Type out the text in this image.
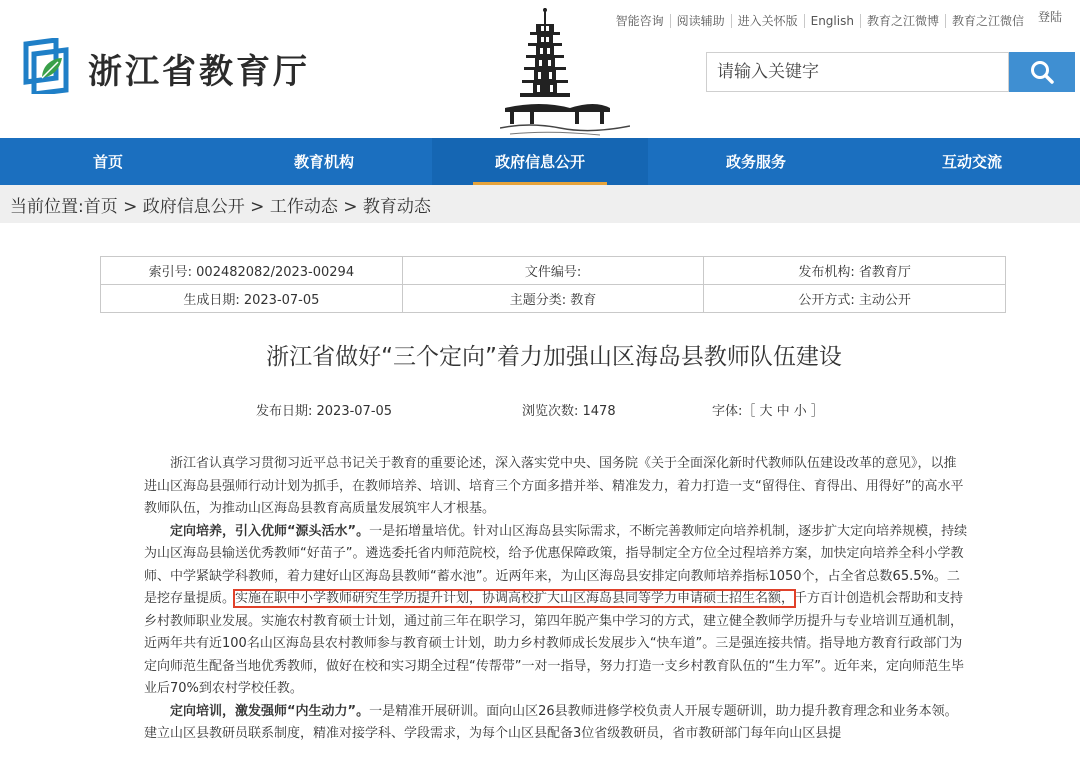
浙江省教育厅
智能咨询	阅读辅助	进入关怀版	English	教育之江微博	教育之江微信	登陆
请输入关键字
首页	教育机构	政府信息公开	政务服务	互动交流
当前位置:首页 > 政府信息公开 > 工作动态 > 教育动态
索引号: 002482082/2023-00294	文件编号:	发布机构: 省教育厅
生成日期: 2023-07-05	主题分类: 教育	公开方式: 主动公开
浙江省做好“三个定向”着力加强山区海岛县教师队伍建设
发布日期: 2023-07-05	浏览次数: 1478	字体:［ 大 中 小 ］

浙江省认真学习贯彻习近平总书记关于教育的重要论述，深入落实党中央、国务院《关于全面深化新时代教师队伍建设改革的意见》，以推进山区海岛县强师行动计划为抓手，在教师培养、培训、培育三个方面多措并举、精准发力，着力打造一支“留得住、育得出、用得好”的高水平教师队伍，为推动山区海岛县教育高质量发展筑牢人才根基。

定向培养，引入优师“源头活水”。一是拓增量培优。针对山区海岛县实际需求，不断完善教师定向培养机制，逐步扩大定向培养规模，持续为山区海岛县输送优秀教师“好苗子”。遴选委托省内师范院校，给予优惠保障政策，指导制定全方位全过程培养方案，加快定向培养全科小学教师、中学紧缺学科教师，着力建好山区海岛县教师“蓄水池”。近两年来，为山区海岛县安排定向教师培养指标1050个，占全省总数65.5%。二是挖存量提质。实施在职中小学教师研究生学历提升计划，协调高校扩大山区海岛县同等学力申请硕士招生名额，千方百计创造机会帮助和支持乡村教师职业发展。实施农村教育硕士计划，通过前三年在职学习，第四年脱产集中学习的方式，建立健全教师学历提升与专业培训互通机制，近两年共有近100名山区海岛县农村教师参与教育硕士计划，助力乡村教师成长发展步入“快车道”。三是强连接共情。指导地方教育行政部门为定向师范生配备当地优秀教师，做好在校和实习期全过程“传帮带”一对一指导，努力打造一支乡村教育队伍的“生力军”。近年来，定向师范生毕业后70%到农村学校任教。

定向培训，激发强师“内生动力”。一是精准开展研训。面向山区26县教师进修学校负责人开展专题研训，助力提升教育理念和业务本领。建立山区县教研员联系制度，精准对接学科、学段需求，为每个山区县配备3位省级教研员，省市教研部门每年向山区县提
